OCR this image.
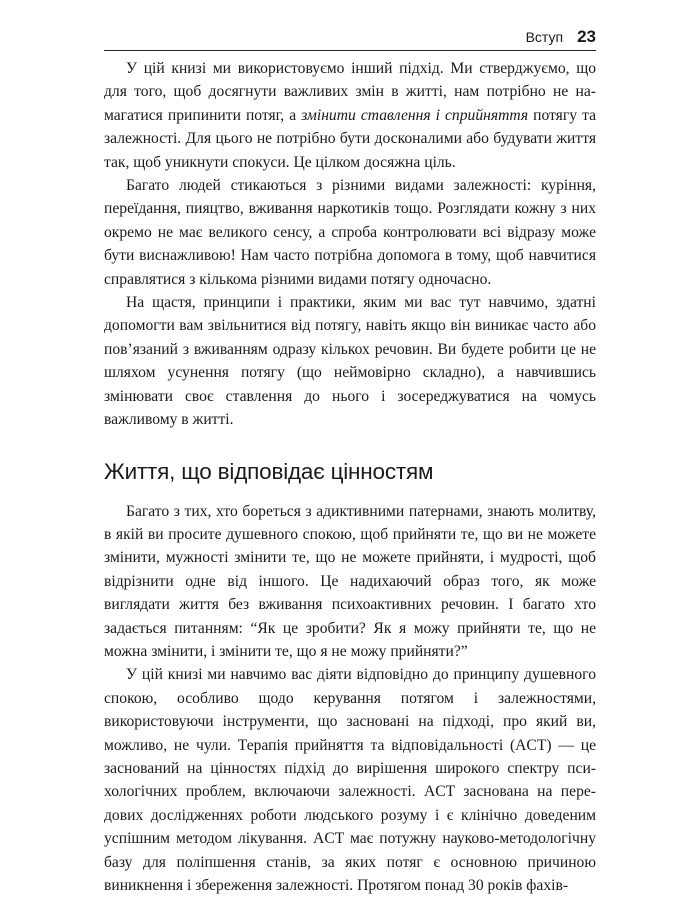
Вступ 23

У цій книзі ми використовуємо інший підхід. Ми стверджуємо, що для того, щоб досягнути важливих змін в житті, нам потрібно не намагатися припинити потяг, а змінити ставлення і сприйняття потягу та залежності. Для цього не потрібно бути досконалими або будувати життя так, щоб уникнути спокуси. Це цілком досяжна ціль.

Багато людей стикаються з різними видами залежності: куріння, переїдання, пияцтво, вживання наркотиків тощо. Розглядати кожну з них окремо не має великого сенсу, а спроба контролювати всі відразу може бути виснажливою! Нам часто потрібна допомога в тому, щоб навчитися справлятися з кількома різними видами потягу одночасно.

На щастя, принципи і практики, яким ми вас тут навчимо, здатні допомогти вам звільнитися від потягу, навіть якщо він виникає часто або пов’язаний з вживанням одразу кількох речовин. Ви будете робити це не шляхом усунення потягу (що неймовірно складно), а навчившись змінювати своє ставлення до нього і зосереджуватися на чомусь важливому в житті.

Життя, що відповідає цінностям

Багато з тих, хто бореться з адиктивними патернами, знають молитву, в якій ви просите душевного спокою, щоб прийняти те, що ви не можете змінити, мужності змінити те, що не можете прийняти, і мудрості, щоб відрізнити одне від іншого. Це надихаючий образ того, як може виглядати життя без вживання психоактивних речовин. І багато хто задається питанням: “Як це зробити? Як я можу прийняти те, що не можна змінити, і змінити те, що я не можу прийняти?”

У цій книзі ми навчимо вас діяти відповідно до принципу душевного спокою, особливо щодо керування потягом і залежностями, використовуючи інструменти, що засновані на підході, про який ви, можливо, не чули. Терапія прийняття та відповідальності (ACT) — це заснований на цінностях підхід до вирішення широкого спектру психологічних проблем, включаючи залежності. ACT заснована на передових дослідженнях роботи людського розуму і є клінічно доведеним успішним методом лікування. ACT має потужну науково-методологічну базу для поліпшення станів, за яких потяг є основною причиною виникнення і збереження залежності. Протягом понад 30 років фахів-
